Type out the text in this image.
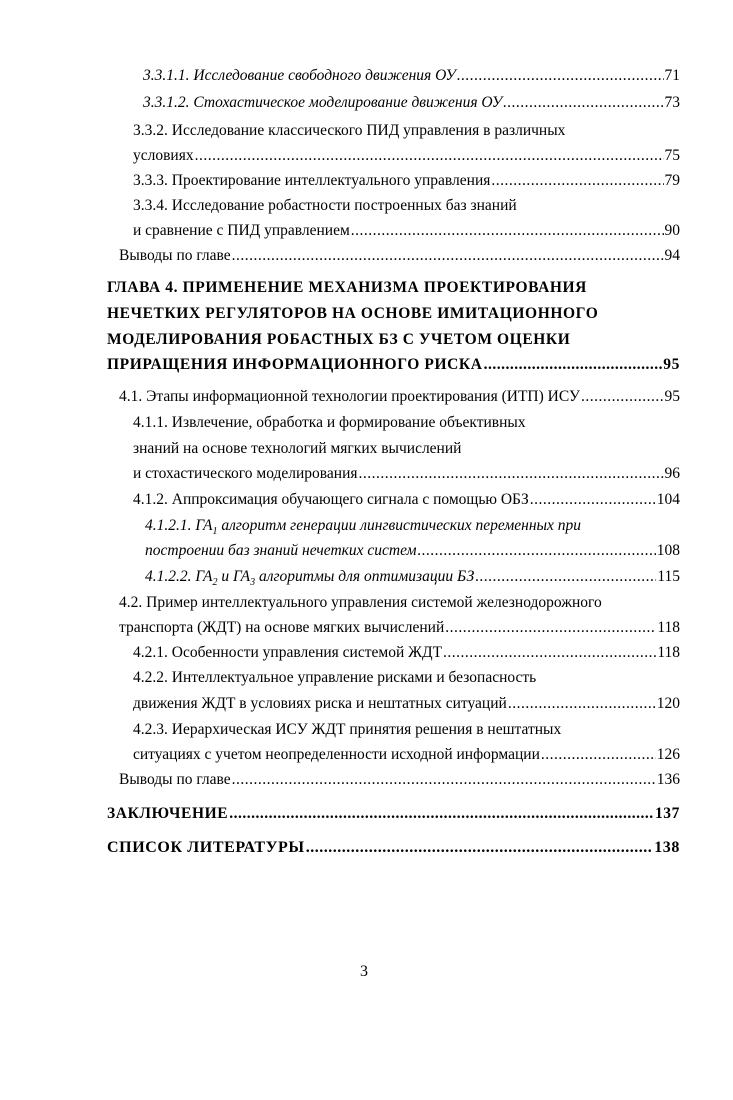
3.3.1.1. Исследование свободного движения ОУ .....	71
3.3.1.2. Стохастическое моделирование движения ОУ .....	73
3.3.2. Исследование классического ПИД управления в различных
условиях .....	75
3.3.3. Проектирование интеллектуального управления .....	79
3.3.4. Исследование робастности построенных баз знаний
и сравнение с ПИД управлением .....	90
Выводы по главе .....	94
ГЛАВА 4. ПРИМЕНЕНИЕ МЕХАНИЗМА ПРОЕКТИРОВАНИЯ
НЕЧЕТКИХ РЕГУЛЯТОРОВ НА ОСНОВЕ ИМИТАЦИОННОГО
МОДЕЛИРОВАНИЯ РОБАСТНЫХ БЗ С УЧЕТОМ ОЦЕНКИ
ПРИРАЩЕНИЯ ИНФОРМАЦИОННОГО РИСКА .....	95
4.1. Этапы информационной технологии проектирования (ИТП) ИСУ .....	95
4.1.1. Извлечение, обработка и формирование объективных
знаний на основе технологий мягких вычислений
и стохастического моделирования .....	96
4.1.2. Аппроксимация обучающего сигнала с помощью ОБЗ .....	104
4.1.2.1. $ГА_1$ алгоритм генерации лингвистических переменных при
построении баз знаний нечетких систем .....	108
4.1.2.2. $ГА_2$ и $ГА_3$ алгоритмы для оптимизации БЗ .....	115
4.2. Пример интеллектуального управления системой железнодорожного
транспорта (ЖДТ) на основе мягких вычислений .....	118
4.2.1. Особенности управления системой ЖДТ .....	118
4.2.2. Интеллектуальное управление рисками и безопасность
движения ЖДТ в условиях риска и нештатных ситуаций .....	120
4.2.3. Иерархическая ИСУ ЖДТ принятия решения в нештатных
ситуациях с учетом неопределенности исходной информации .....	126
Выводы по главе .....	136
ЗАКЛЮЧЕНИЕ .....	137
СПИСОК ЛИТЕРАТУРЫ .....	138
3
